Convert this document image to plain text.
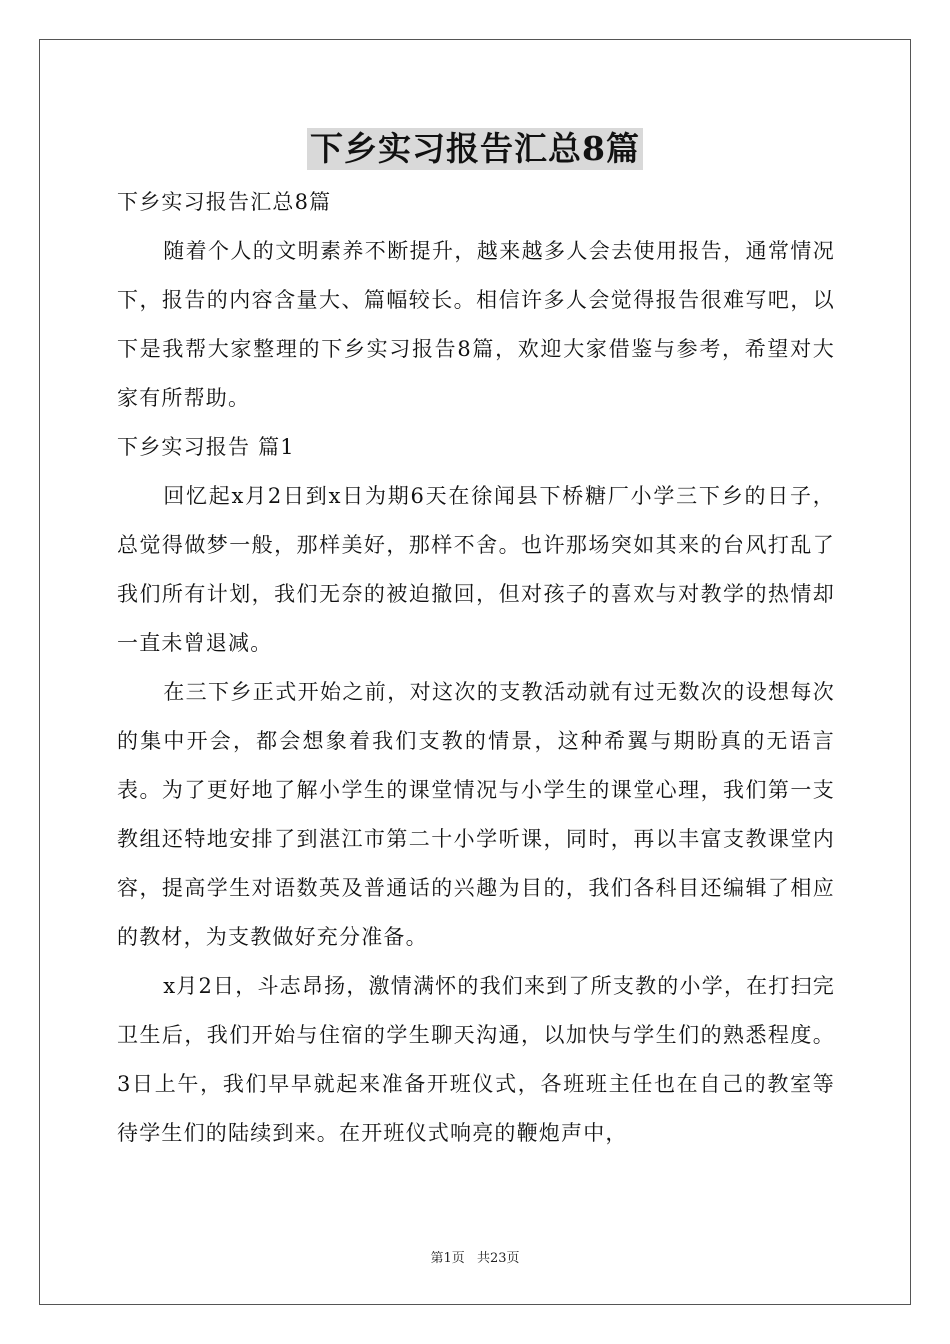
下乡实习报告汇总8篇

下乡实习报告汇总8篇

随着个人的文明素养不断提升，越来越多人会去使用报告，通常情况下，报告的内容含量大、篇幅较长。相信许多人会觉得报告很难写吧，以下是我帮大家整理的下乡实习报告8篇，欢迎大家借鉴与参考，希望对大家有所帮助。

下乡实习报告 篇1

回忆起x月2日到x日为期6天在徐闻县下桥糖厂小学三下乡的日子，总觉得做梦一般，那样美好，那样不舍。也许那场突如其来的台风打乱了我们所有计划，我们无奈的被迫撤回，但对孩子的喜欢与对教学的热情却一直未曾退减。

在三下乡正式开始之前，对这次的支教活动就有过无数次的设想每次的集中开会，都会想象着我们支教的情景，这种希翼与期盼真的无语言表。为了更好地了解小学生的课堂情况与小学生的课堂心理，我们第一支教组还特地安排了到湛江市第二十小学听课，同时，再以丰富支教课堂内容，提高学生对语数英及普通话的兴趣为目的，我们各科目还编辑了相应的教材，为支教做好充分准备。

x月2日，斗志昂扬，激情满怀的我们来到了所支教的小学，在打扫完卫生后，我们开始与住宿的学生聊天沟通，以加快与学生们的熟悉程度。3日上午，我们早早就起来准备开班仪式，各班班主任也在自己的教室等待学生们的陆续到来。在开班仪式响亮的鞭炮声中，

第1页 共23页
